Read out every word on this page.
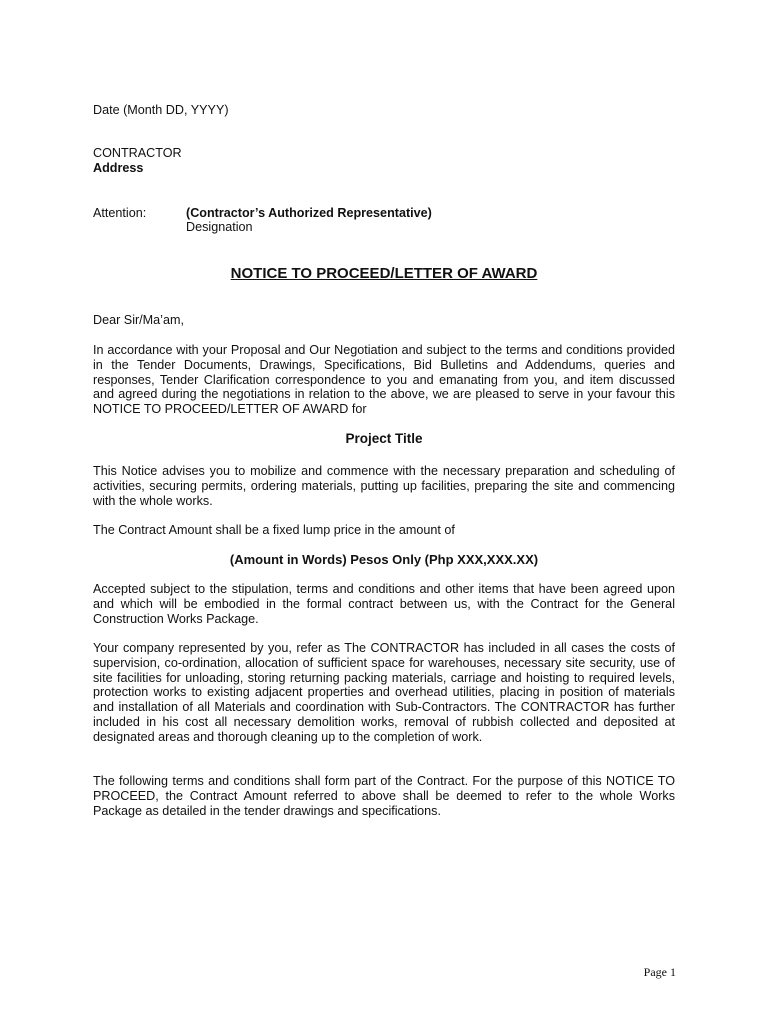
Date (Month DD, YYYY)
CONTRACTOR
Address
Attention:	(Contractor’s Authorized Representative)
Designation
NOTICE TO PROCEED/LETTER OF AWARD
Dear Sir/Ma’am,
In accordance with your Proposal and Our Negotiation and subject to the terms and conditions provided in the Tender Documents, Drawings, Specifications, Bid Bulletins and Addendums, queries and responses, Tender Clarification correspondence to you and emanating from you, and item discussed and agreed during the negotiations in relation to the above, we are pleased to serve in your favour this NOTICE TO PROCEED/LETTER OF AWARD for
Project Title
This Notice advises you to mobilize and commence with the necessary preparation and scheduling of activities, securing permits, ordering materials, putting up facilities, preparing the site and commencing with the whole works.
The Contract Amount shall be a fixed lump price in the amount of
(Amount in Words) Pesos Only (Php XXX,XXX.XX)
Accepted subject to the stipulation, terms and conditions and other items that have been agreed upon and which will be embodied in the formal contract between us, with the Contract for the General Construction Works Package.
Your company represented by you, refer as The CONTRACTOR has included in all cases the costs of supervision, co-ordination, allocation of sufficient space for warehouses, necessary site security, use of site facilities for unloading, storing returning packing materials, carriage and hoisting to required levels, protection works to existing adjacent properties and overhead utilities, placing in position of materials and installation of all Materials and coordination with Sub-Contractors. The CONTRACTOR has further included in his cost all necessary demolition works, removal of rubbish collected and deposited at designated areas and thorough cleaning up to the completion of work.
The following terms and conditions shall form part of the Contract. For the purpose of this NOTICE TO PROCEED, the Contract Amount referred to above shall be deemed to refer to the whole Works Package as detailed in the tender drawings and specifications.
Page 1
